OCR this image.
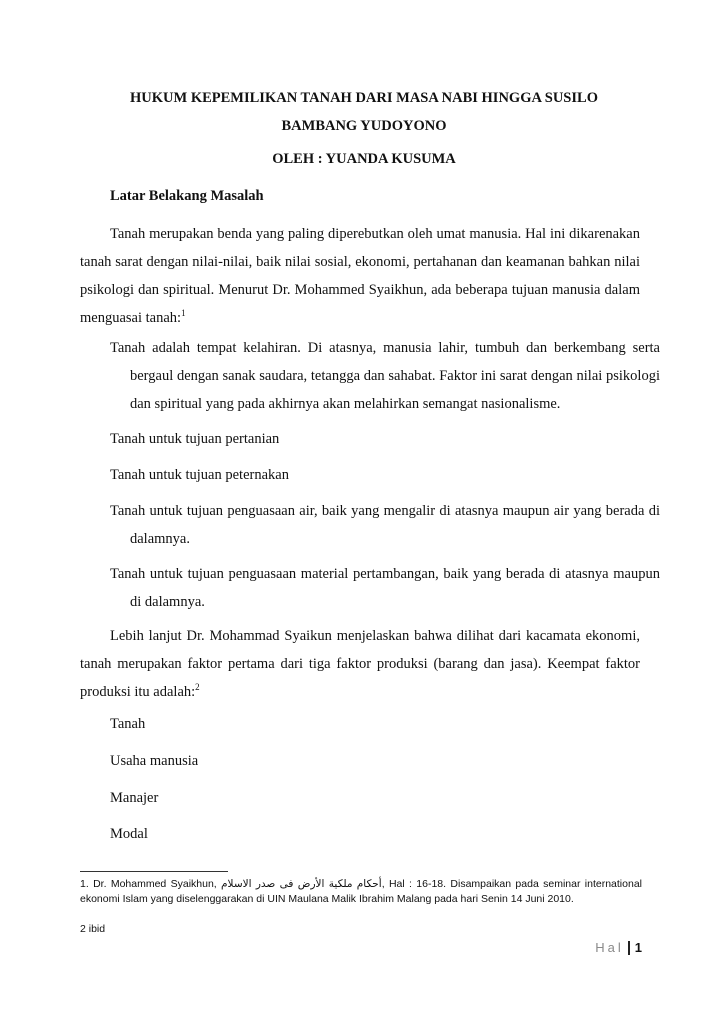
HUKUM KEPEMILIKAN TANAH DARI MASA NABI HINGGA SUSILO

BAMBANG YUDOYONO

OLEH : YUANDA KUSUMA

Latar Belakang Masalah

Tanah merupakan benda yang paling diperebutkan oleh umat manusia. Hal ini dikarenakan tanah sarat dengan nilai-nilai, baik nilai sosial, ekonomi, pertahanan dan keamanan bahkan nilai psikologi dan spiritual. Menurut Dr. Mohammed Syaikhun, ada beberapa tujuan manusia dalam menguasai tanah:$^1$

Tanah adalah tempat kelahiran. Di atasnya, manusia lahir, tumbuh dan berkembang serta bergaul dengan sanak saudara, tetangga dan sahabat. Faktor ini sarat dengan nilai psikologi dan spiritual yang pada akhirnya akan melahirkan semangat nasionalisme.

Tanah untuk tujuan pertanian

Tanah untuk tujuan peternakan

Tanah untuk tujuan penguasaan air, baik yang mengalir di atasnya maupun air yang berada di dalamnya.

Tanah untuk tujuan penguasaan material pertambangan, baik yang berada di atasnya maupun di dalamnya.

Lebih lanjut Dr. Mohammad Syaikun menjelaskan bahwa dilihat dari kacamata ekonomi, tanah merupakan faktor pertama dari tiga faktor produksi (barang dan jasa). Keempat faktor produksi itu adalah:$^2$

Tanah

Usaha manusia

Manajer

Modal

1. Dr. Mohammed Syaikhun, أحكام ملكية الأرض فى صدر الاسلام, Hal : 16-18. Disampaikan pada seminar international ekonomi Islam yang diselenggarakan di UIN Maulana Malik Ibrahim Malang pada hari Senin 14 Juni 2010.

2 ibid

Hal 1
